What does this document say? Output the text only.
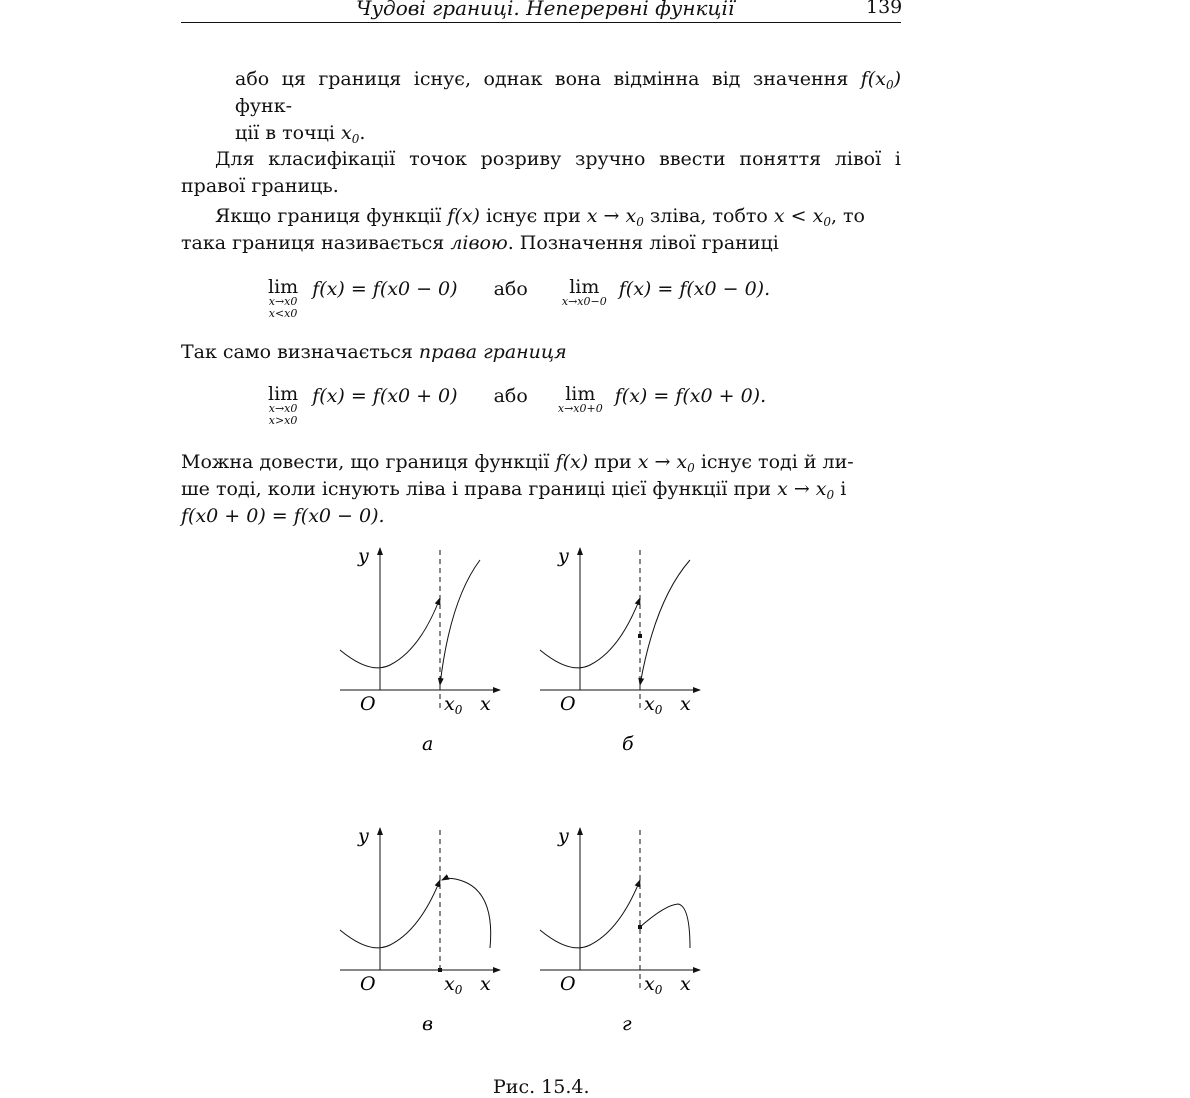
Чудові границі. Неперервні функції	139
або ця границя існує, однак вона відмінна від значення $f(x_0)$ функ-
ції в точці $x_0$.
Для класифікації точок розриву зручно ввести поняття лівої і правої границь.
Якщо границя функції f(x) існує при $x \to x_0$ зліва, тобто $x < x_0$, то
така границя називається лівою. Позначення лівої границі
lim
x→x0
x<x0
f(x) = f(x0 − 0) або lim
x→x0−0
f(x) = f(x0 − 0).
Так само визначається права границя
lim
x→x0
x>x0
f(x) = f(x0 + 0) або lim
x→x0+0
f(x) = f(x0 + 0).
Можна довести, що границя функції f(x) при $x \to x_0$ існує тоді й ли-
ше тоді, коли існують ліва і права границі цієї функції при $x \to x_0$ і
f(x0 + 0) = f(x0 − 0).
y
O	$x_0$ x
а
y
O	$x_0$ x
б
y
O	$x_0$ x
в
y
O	$x_0$ x
г
Рис. 15.4.
